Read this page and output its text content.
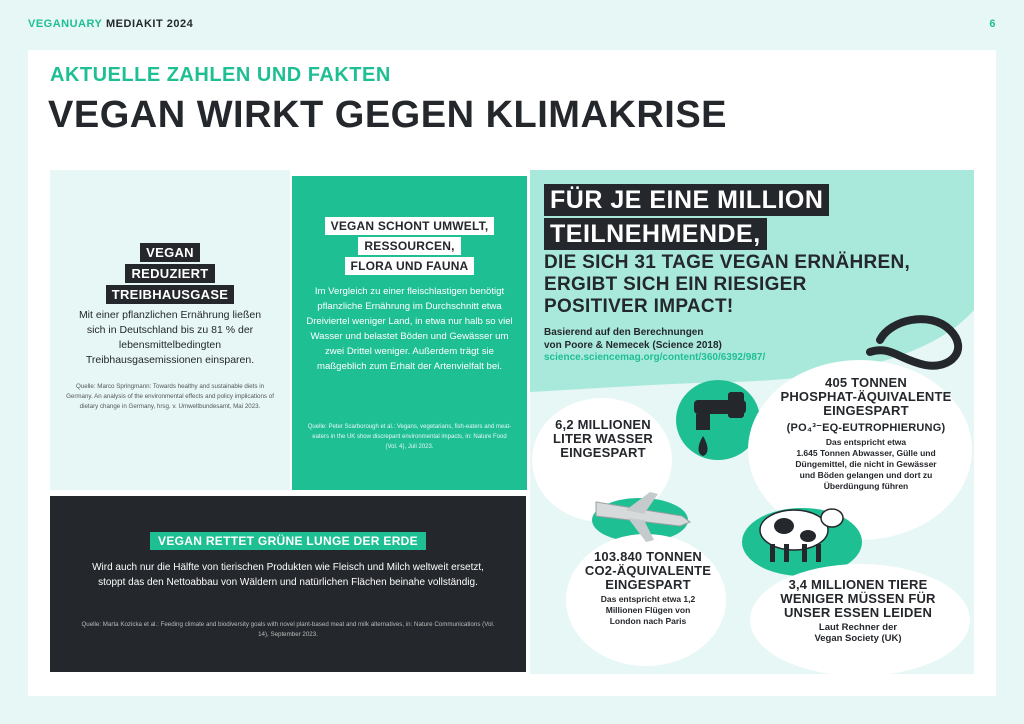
VEGANUARY MEDIAKIT 2024	6
AKTUELLE ZAHLEN UND FAKTEN
VEGAN WIRKT GEGEN KLIMAKRISE
VEGAN
REDUZIERT
TREIBHAUSGASE
Mit einer pflanzlichen Ernährung ließen sich in Deutschland bis zu 81 % der lebensmittelbedingten Treibhausgasemissionen einsparen.
Quelle: Marco Springmann: Towards healthy and sustainable diets in Germany. An analysis of the environmental effects and policy implications of dietary change in Germany, hrsg. v. Umweltbundesamt, Mai 2023.
VEGAN SCHONT UMWELT,
RESSOURCEN,
FLORA UND FAUNA
Im Vergleich zu einer fleischlastigen benötigt pflanzliche Ernährung im Durchschnitt etwa Dreiviertel weniger Land, in etwa nur halb so viel Wasser und belastet Böden und Gewässer um zwei Drittel weniger. Außerdem trägt sie maßgeblich zum Erhalt der Artenvielfalt bei.
Quelle: Peter Scarborough et al.: Vegans, vegetarians, fish-eaters and meat-eaters in the UK show discrepant environmental impacts, in: Nature Food (Vol. 4), Juli 2023.
VEGAN RETTET GRÜNE LUNGE DER ERDE
Wird auch nur die Hälfte von tierischen Produkten wie Fleisch und Milch weltweit ersetzt, stoppt das den Nettoabbau von Wäldern und natürlichen Flächen beinahe vollständig.
Quelle: Marta Kozicka et al.: Feeding climate and biodiversity goals with novel plant-based meat and milk alternatives, in: Nature Communications (Vol. 14), September 2023.
FÜR JE EINE MILLION
TEILNEHMENDE,
DIE SICH 31 TAGE VEGAN ERNÄHREN,
ERGIBT SICH EIN RIESIGER
POSITIVER IMPACT!
Basierend auf den Berechnungen
von Poore & Nemecek (Science 2018)
science.sciencemag.org/content/360/6392/987/
6,2 MILLIONEN
LITER WASSER
EINGESPART
405 TONNEN
PHOSPHAT-ÄQUIVALENTE
EINGESPART
(PO₄³⁻EQ-EUTROPHIERUNG)
Das entspricht etwa
1.645 Tonnen Abwasser, Gülle und
Düngemittel, die nicht in Gewässer
und Böden gelangen und dort zu
Überdüngung führen
103.840 TONNEN
CO2-ÄQUIVALENTE
EINGESPART
Das entspricht etwa 1,2
Millionen Flügen von
London nach Paris
3,4 MILLIONEN TIERE
WENIGER MÜSSEN FÜR
UNSER ESSEN LEIDEN
Laut Rechner der
Vegan Society (UK)
